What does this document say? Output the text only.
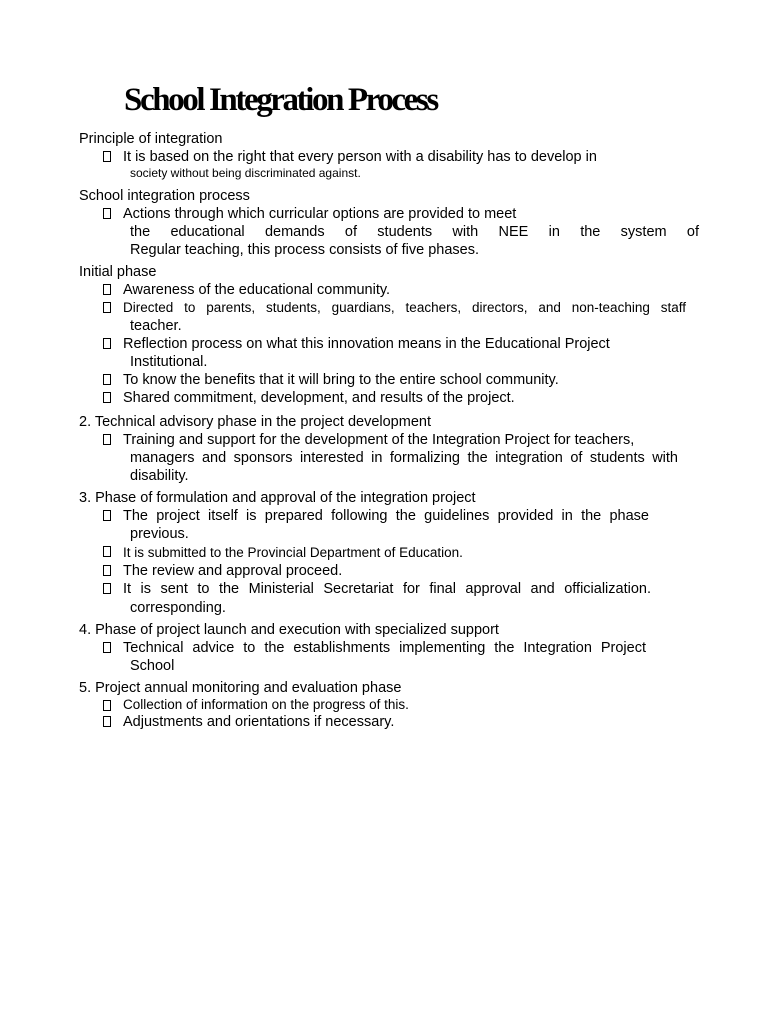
School Integration Process
Principle of integration
It is based on the right that every person with a disability has to develop in
society without being discriminated against.
School integration process
Actions through which curricular options are provided to meet
the educational demands of students with NEE in the system of
Regular teaching, this process consists of five phases.
Initial phase
Awareness of the educational community.
Directed to parents, students, guardians, teachers, directors, and non-teaching staff
teacher.
Reflection process on what this innovation means in the Educational Project
Institutional.
To know the benefits that it will bring to the entire school community.
Shared commitment, development, and results of the project.
2. Technical advisory phase in the project development
Training and support for the development of the Integration Project for teachers,
managers and sponsors interested in formalizing the integration of students with
disability.
3. Phase of formulation and approval of the integration project
The project itself is prepared following the guidelines provided in the phase
previous.
It is submitted to the Provincial Department of Education.
The review and approval proceed.
It is sent to the Ministerial Secretariat for final approval and officialization.
corresponding.
4. Phase of project launch and execution with specialized support
Technical advice to the establishments implementing the Integration Project
School
5. Project annual monitoring and evaluation phase
Collection of information on the progress of this.
Adjustments and orientations if necessary.
